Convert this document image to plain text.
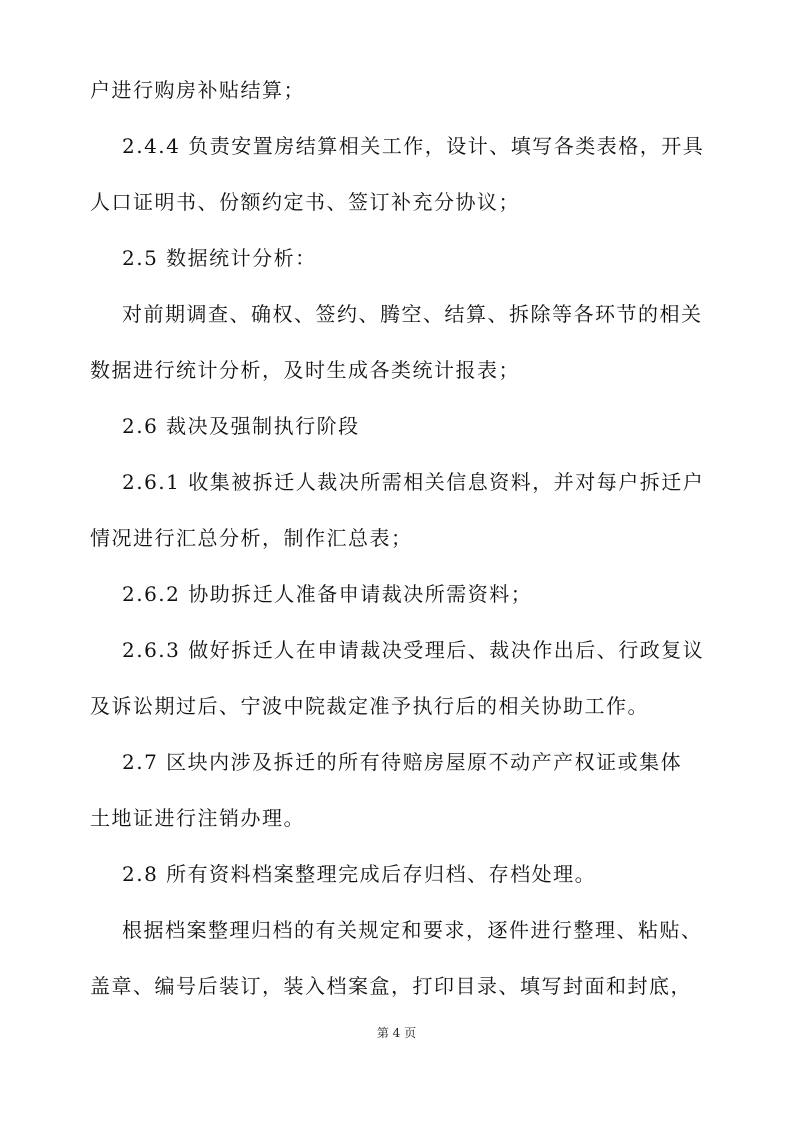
户进行购房补贴结算；
2.4.4 负责安置房结算相关工作，设计、填写各类表格，开具
人口证明书、份额约定书、签订补充分协议；
2.5 数据统计分析：
对前期调查、确权、签约、腾空、结算、拆除等各环节的相关
数据进行统计分析，及时生成各类统计报表；
2.6 裁决及强制执行阶段
2.6.1 收集被拆迁人裁决所需相关信息资料，并对每户拆迁户
情况进行汇总分析，制作汇总表；
2.6.2 协助拆迁人准备申请裁决所需资料；
2.6.3 做好拆迁人在申请裁决受理后、裁决作出后、行政复议
及诉讼期过后、宁波中院裁定准予执行后的相关协助工作。
2.7 区块内涉及拆迁的所有待赔房屋原不动产产权证或集体
土地证进行注销办理。
2.8 所有资料档案整理完成后存归档、存档处理。
根据档案整理归档的有关规定和要求，逐件进行整理、粘贴、
盖章、编号后装订，装入档案盒，打印目录、填写封面和封底，
第 4 页
